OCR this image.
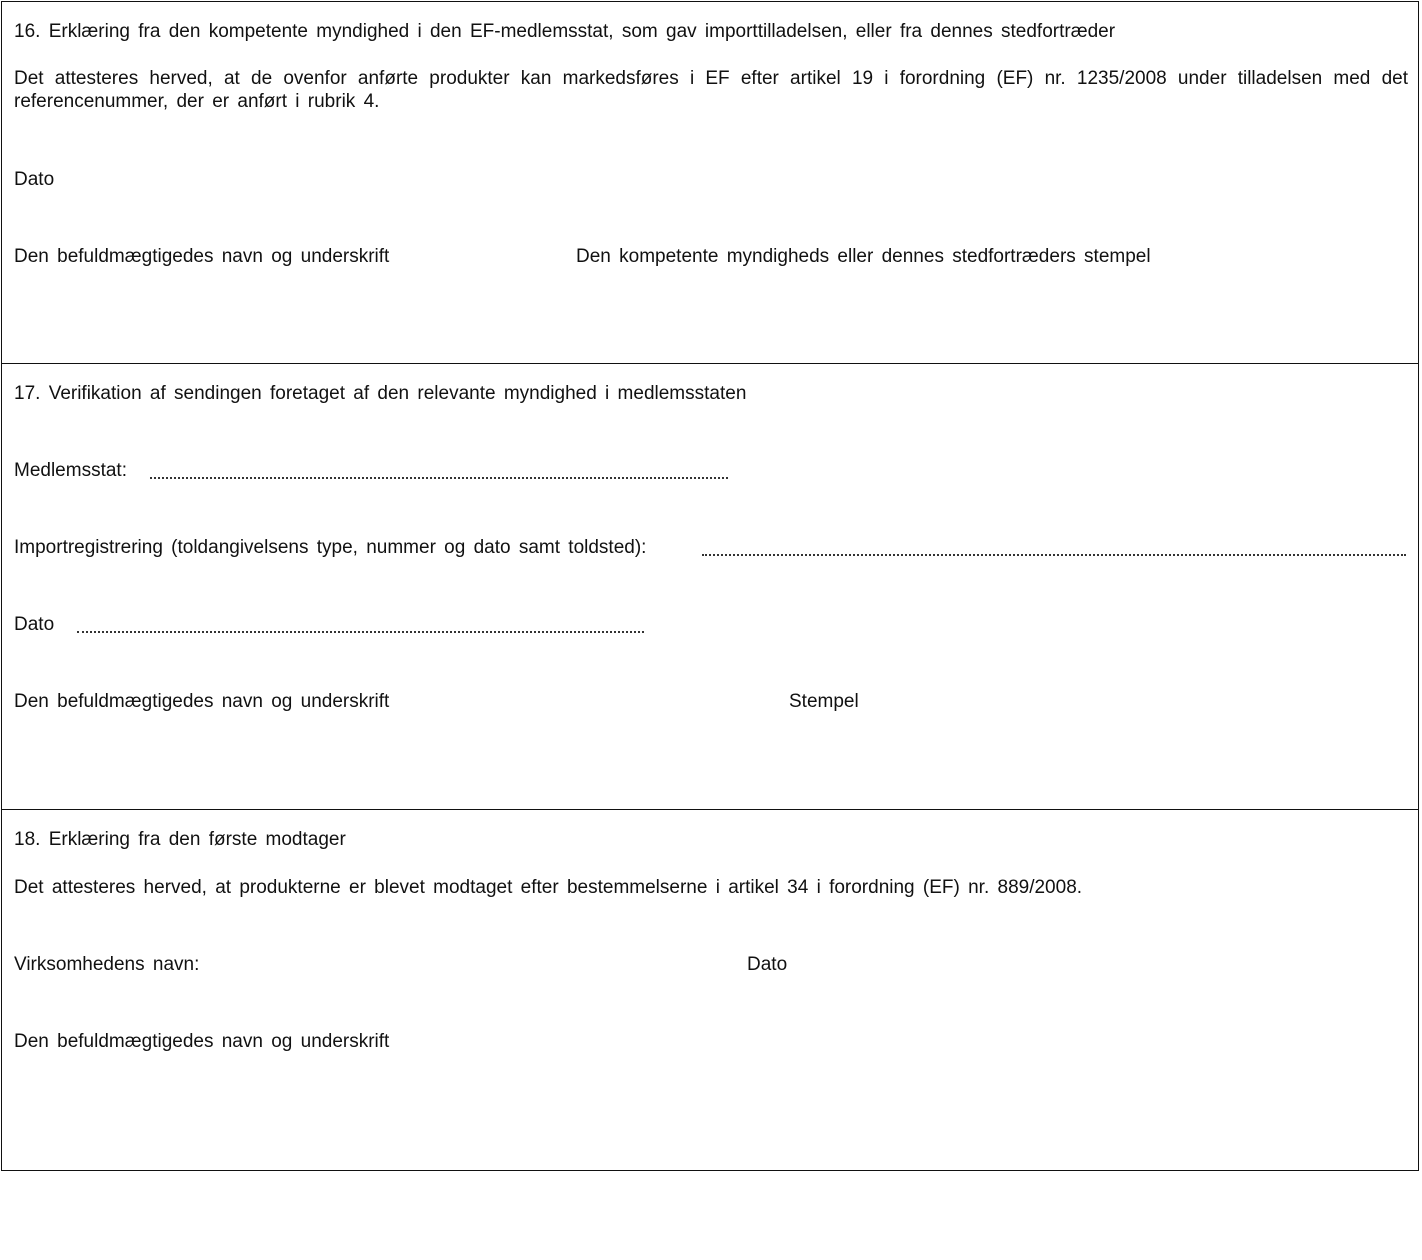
16. Erklæring fra den kompetente myndighed i den EF-medlemsstat, som gav importtilladelsen, eller fra dennes stedfortræder
Det attesteres herved, at de ovenfor anførte produkter kan markedsføres i EF efter artikel 19 i forordning (EF) nr. 1235/2008 under tilladelsen med det referencenummer, der er anført i rubrik 4.
Dato
Den befuldmægtigedes navn og underskrift	Den kompetente myndigheds eller dennes stedfortræders stempel
17. Verifikation af sendingen foretaget af den relevante myndighed i medlemsstaten
Medlemsstat:
Importregistrering (toldangivelsens type, nummer og dato samt toldsted):
Dato
Den befuldmægtigedes navn og underskrift	Stempel
18. Erklæring fra den første modtager
Det attesteres herved, at produkterne er blevet modtaget efter bestemmelserne i artikel 34 i forordning (EF) nr. 889/2008.
Virksomhedens navn:	Dato
Den befuldmægtigedes navn og underskrift
